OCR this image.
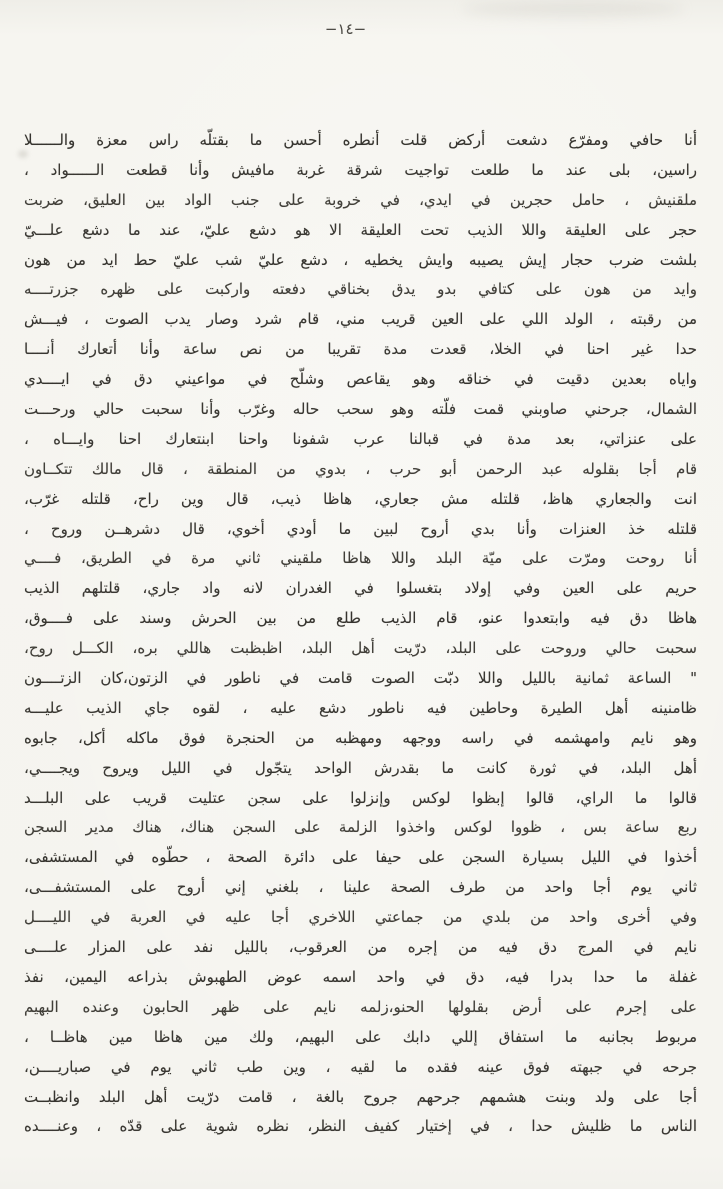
−١٤−
أنا حافي ومفرّع دشعت أركض قلت أنطره أحسن ما بقتلّه راس معزة والــــــلا
راسين، بلى عند ما طلعت تواجيت شرقة غربة مافيش وأنا قطعت الــــــواد ،
ملقنيش ، حامل حجرين في ايدي، في خروبة على جنب الواد بين العليق، ضربت
حجر على العليقة واللا الذيب تحت العليقة الا هو دشع عليّ، عند ما دشع علـــيّ
بلشت ضرب حجار إيش يصيبه وايش يخطيه ، دشع عليّ شب عليّ حط ايد من هون
وايد من هون على كتافي بدو يدق بخناقي دفعته واركبت على ظهره جزرتــــه
من رقبته ، الولد اللي على العين قريب مني، قام شرد وصار يدب الصوت ، فيـــش
حدا غير احنا في الخلا، قعدت مدة تقريبا من نص ساعة وأنا أتعارك أنــــا
واياه بعدين دقيت في خناقه وهو يقاعص وشلّح في مواعيني دق في ايــــدي
الشمال، جرحني صاوبني قمت فلّته وهو سحب حاله وغرّب وأنا سحبت حالي ورحـــت
على عنزاتي، بعد مدة في قبالنا عرب شفونا واحنا ابنتعارك احنا وايـــاه ،
قام أجا بقلوله عبد الرحمن أبو حرب ، بدوي من المنطقة ، قال مالك تتكــاون
انت والجعاري هاظ، قلتله مش جعاري، هاظا ذيب، قال وين راح، قلتله غرّب،
قلتله خذ العنزات وأنا بدي أروح لبين ما أودي أخوي، قال دشرهــن وروح ،
أنا روحت ومرّت على ميّة البلد واللا هاظا ملقيني ثاني مرة في الطريق، فــــي
حريم على العين وفي إولاد بتغسلوا في الغدران لانه واد جاري، قلتلهم الذيب
هاظا دق فيه وابتعدوا عنو، قام الذيب طلع من بين الحرش وسند على فــــوق،
سحبت حالي وروحت على البلد، درّيت أهل البلد، اظبظبت هاللي بره، الكـــل روح،
" الساعة ثمانية بالليل واللا دبّت الصوت قامت في ناطور في الزتون،كان الزتــــون
ظامنينه أهل الطيرة وحاطين فيه ناطور دشع عليه ، لقوه جاي الذيب عليـــه
وهو نايم وامهشمه في راسه ووجهه ومهظبه من الحنجرة فوق ماكله أكل، جابوه
أهل البلد، في ثورة كانت ما بقدرش الواحد يتجّول في الليل ويروح ويجــــي،
قالوا ما الراي، قالوا إبظوا لوكس وإنزلوا على سجن عتليت قريب على البلـــد
ربع ساعة بس ، ظووا لوكس واخذوا الزلمة على السجن هناك، هناك مدير السجن
أخذوا في الليل بسيارة السجن على حيفا على دائرة الصحة ، حطّوه في المستشفى،
ثاني يوم أجا واحد من طرف الصحة علينا ، بلغني إني أروح على المستشفـــى،
وفي أخرى واحد من بلدي من جماعتي اللاخري أجا عليه في العربة في الليــــل
نايم في المرج دق فيه من إجره من العرقوب، بالليل نفد على المزار علــــى
غفلة ما حدا بدرا فيه، دق في واحد اسمه عوض الطهبوش بذراعه اليمين، نفذ
على إجرم على أرض بقلولها الحنو،زلمه نايم على ظهر الحابون وعنده البهيم
مربوط بجانبه ما استفاق إللي دابك على البهيم، ولك مين هاظا مين هاظــا ،
جرحه في جبهته فوق عينه فقده ما لقيه ، وين طب ثاني يوم في صباريــــن،
أجا على ولد وبنت هشمهم جرحهم جروح بالغة ، قامت درّيت أهل البلد وانظبــت
الناس ما ظليش حدا ، في إختيار كفيف النظر، نظره شوية على قدّه ، وعنــــده
